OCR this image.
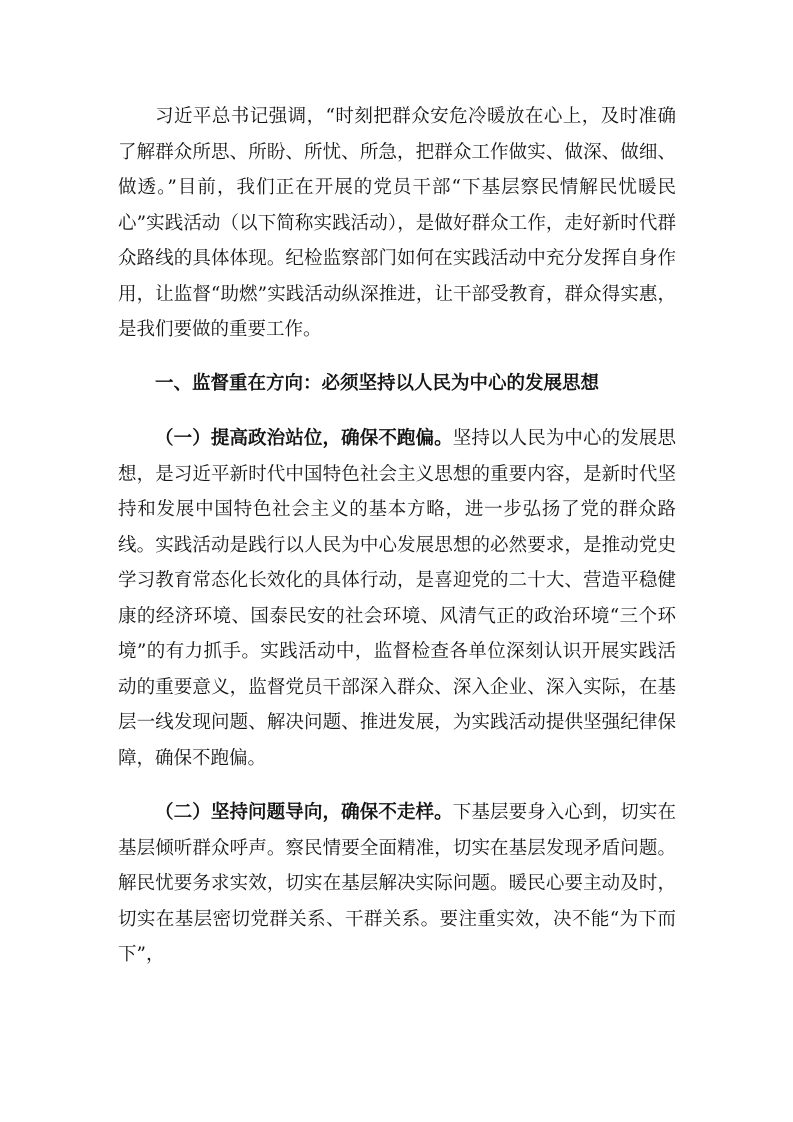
习近平总书记强调，“时刻把群众安危冷暖放在心上，及时准确了解群众所思、所盼、所忧、所急，把群众工作做实、做深、做细、做透。”目前，我们正在开展的党员干部“下基层察民情解民忧暖民心”实践活动（以下简称实践活动），是做好群众工作，走好新时代群众路线的具体体现。纪检监察部门如何在实践活动中充分发挥自身作用，让监督“助燃”实践活动纵深推进，让干部受教育，群众得实惠，是我们要做的重要工作。

一、监督重在方向：必须坚持以人民为中心的发展思想

（一）提高政治站位，确保不跑偏。坚持以人民为中心的发展思想，是习近平新时代中国特色社会主义思想的重要内容，是新时代坚持和发展中国特色社会主义的基本方略，进一步弘扬了党的群众路线。实践活动是践行以人民为中心发展思想的必然要求，是推动党史学习教育常态化长效化的具体行动，是喜迎党的二十大、营造平稳健康的经济环境、国泰民安的社会环境、风清气正的政治环境“三个环境”的有力抓手。实践活动中，监督检查各单位深刻认识开展实践活动的重要意义，监督党员干部深入群众、深入企业、深入实际，在基层一线发现问题、解决问题、推进发展，为实践活动提供坚强纪律保障，确保不跑偏。

（二）坚持问题导向，确保不走样。下基层要身入心到，切实在基层倾听群众呼声。察民情要全面精准，切实在基层发现矛盾问题。解民忧要务求实效，切实在基层解决实际问题。暖民心要主动及时，切实在基层密切党群关系、干群关系。要注重实效，决不能“为下而下”，
